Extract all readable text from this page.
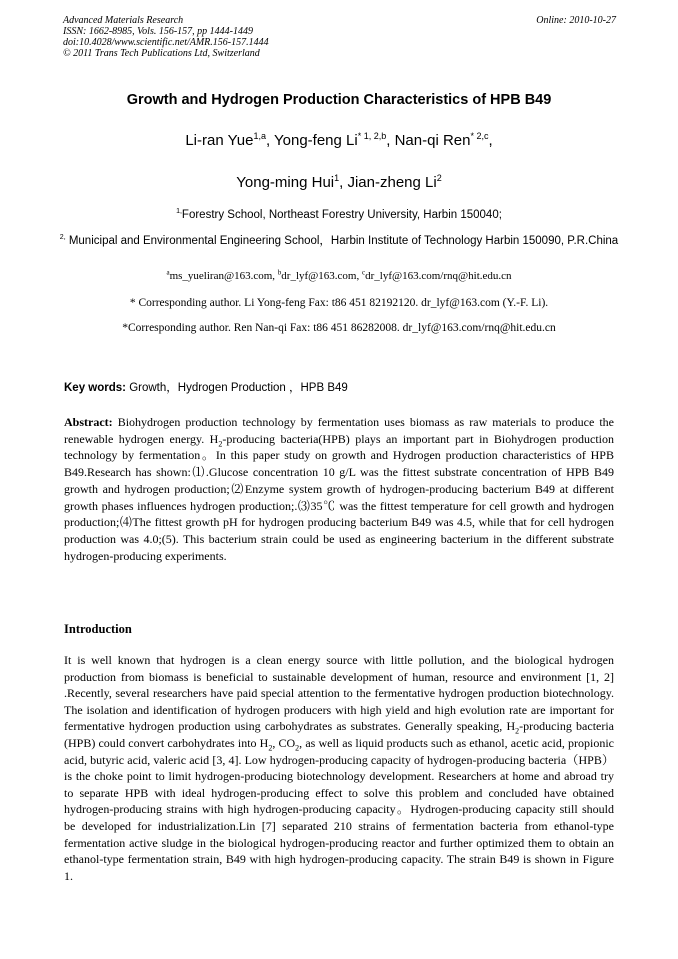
Advanced Materials Research
ISSN: 1662-8985, Vols. 156-157, pp 1444-1449
doi:10.4028/www.scientific.net/AMR.156-157.1444
© 2011 Trans Tech Publications Ltd, Switzerland
Online: 2010-10-27
Growth and Hydrogen Production Characteristics of HPB B49
Li-ran Yue$^{1,a}$, Yong-feng Li$^{* 1, 2,b}$, Nan-qi Ren$^{* 2,c}$,
Yong-ming Hui$^1$, Jian-zheng Li$^2$
$^{1,}$Forestry School, Northeast Forestry University, Harbin 150040;
$^{2,}$ Municipal and Environmental Engineering School，Harbin Institute of Technology Harbin 150090, P.R.China
$^a$ms_yueliran@163.com, $^b$dr_lyf@163.com, $^c$dr_lyf@163.com/rnq@hit.edu.cn
* Corresponding author. Li Yong-feng Fax: t86 451 82192120. dr_lyf@163.com (Y.-F. Li).
*Corresponding author. Ren Nan-qi Fax: t86 451 86282008. dr_lyf@163.com/rnq@hit.edu.cn
Key words: Growth，Hydrogen Production ，HPB B49
Abstract: Biohydrogen production technology by fermentation uses biomass as raw materials to produce the renewable hydrogen energy. $H_2$-producing bacteria(HPB) plays an important part in Biohydrogen production technology by fermentation。In this paper study on growth and Hydrogen production characteristics of HPB B49.Research has shown:⑴.Glucose concentration 10 g/L was the fittest substrate concentration of HPB B49 growth and hydrogen production;⑵Enzyme system growth of hydrogen-producing bacterium B49 at different growth phases influences hydrogen production;.⑶35℃ was the fittest temperature for cell growth and hydrogen production;⑷The fittest growth pH for hydrogen producing bacterium B49 was 4.5, while that for cell hydrogen production was 4.0;(5). This bacterium strain could be used as engineering bacterium in the different substrate hydrogen-producing experiments.
Introduction
It is well known that hydrogen is a clean energy source with little pollution, and the biological hydrogen production from biomass is beneficial to sustainable development of human, resource and environment [1, 2] .Recently, several researchers have paid special attention to the fermentative hydrogen production biotechnology. The isolation and identification of hydrogen producers with high yield and high evolution rate are important for fermentative hydrogen production using carbohydrates as substrates. Generally speaking, $H_2$-producing bacteria (HPB) could convert carbohydrates into $H_2$, $CO_2$, as well as liquid products such as ethanol, acetic acid, propionic acid, butyric acid, valeric acid [3, 4]. Low hydrogen-producing capacity of hydrogen-producing bacteria（HPB）is the choke point to limit hydrogen-producing biotechnology development. Researchers at home and abroad try to separate HPB with ideal hydrogen-producing effect to solve this problem and concluded have obtained hydrogen-producing strains with high hydrogen-producing capacity。Hydrogen-producing capacity still should be developed for industrialization.Lin [7] separated 210 strains of fermentation bacteria from ethanol-type fermentation active sludge in the biological hydrogen-producing reactor and further optimized them to obtain an ethanol-type fermentation strain, B49 with high hydrogen-producing capacity. The strain B49 is shown in Figure 1.
